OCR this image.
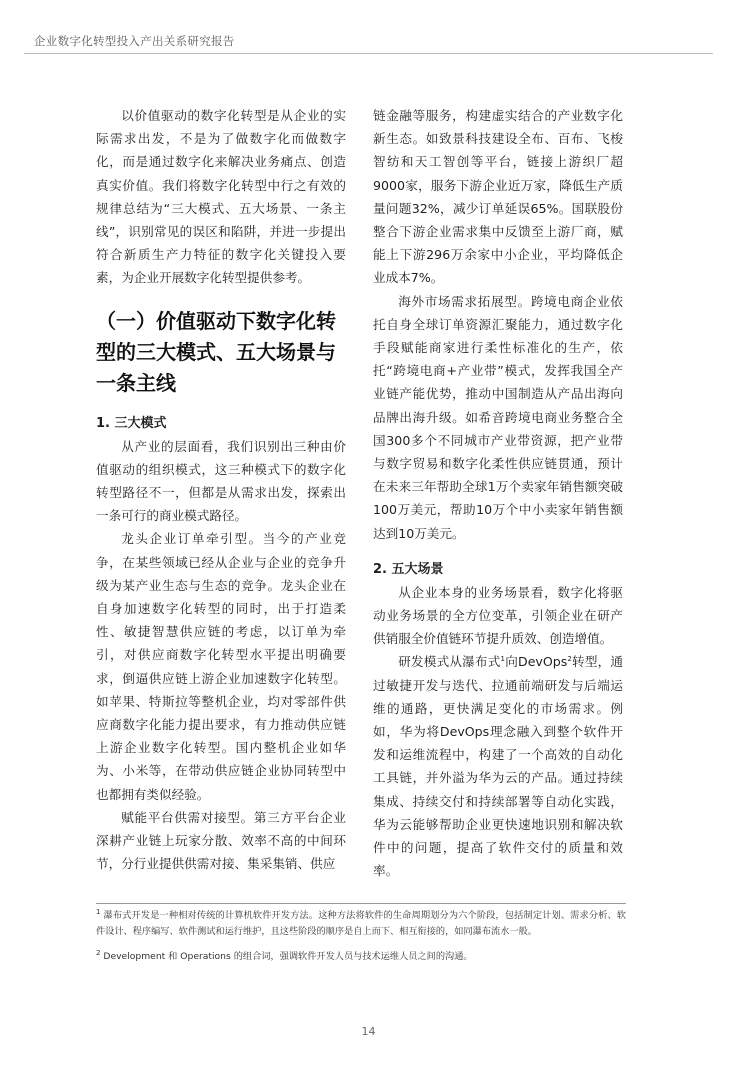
企业数字化转型投入产出关系研究报告

以价值驱动的数字化转型是从企业的实际需求出发，不是为了做数字化而做数字化，而是通过数字化来解决业务痛点、创造真实价值。我们将数字化转型中行之有效的规律总结为“三大模式、五大场景、一条主线”，识别常见的误区和陷阱，并进一步提出符合新质生产力特征的数字化关键投入要素，为企业开展数字化转型提供参考。

（一）价值驱动下数字化转型的三大模式、五大场景与一条主线
1. 三大模式

从产业的层面看，我们识别出三种由价值驱动的组织模式，这三种模式下的数字化转型路径不一，但都是从需求出发，探索出一条可行的商业模式路径。

龙头企业订单牵引型。当今的产业竞争，在某些领域已经从企业与企业的竞争升级为某产业生态与生态的竞争。龙头企业在自身加速数字化转型的同时，出于打造柔性、敏捷智慧供应链的考虑，以订单为牵引，对供应商数字化转型水平提出明确要求，倒逼供应链上游企业加速数字化转型。如苹果、特斯拉等整机企业，均对零部件供应商数字化能力提出要求，有力推动供应链上游企业数字化转型。国内整机企业如华为、小米等，在带动供应链企业协同转型中也都拥有类似经验。

赋能平台供需对接型。第三方平台企业深耕产业链上玩家分散、效率不高的中间环节，分行业提供供需对接、集采集销、供应

链金融等服务，构建虚实结合的产业数字化新生态。如致景科技建设全布、百布、飞梭智纺和天工智创等平台，链接上游织厂超9000家，服务下游企业近万家，降低生产质量问题32%，减少订单延误65%。国联股份整合下游企业需求集中反馈至上游厂商，赋能上下游296万余家中小企业，平均降低企业成本7%。

海外市场需求拓展型。跨境电商企业依托自身全球订单资源汇聚能力，通过数字化手段赋能商家进行柔性标准化的生产，依托“跨境电商+产业带”模式，发挥我国全产业链产能优势，推动中国制造从产品出海向品牌出海升级。如希音跨境电商业务整合全国300多个不同城市产业带资源，把产业带与数字贸易和数字化柔性供应链贯通，预计在未来三年帮助全球1万个卖家年销售额突破100万美元，帮助10万个中小卖家年销售额达到10万美元。

2. 五大场景

从企业本身的业务场景看，数字化将驱动业务场景的全方位变革，引领企业在研产供销服全价值链环节提升质效、创造增值。

研发模式从瀑布式$^1$向DevOps$^2$转型，通过敏捷开发与迭代、拉通前端研发与后端运维的通路，更快满足变化的市场需求。例如，华为将DevOps理念融入到整个软件开发和运维流程中，构建了一个高效的自动化工具链，并外溢为华为云的产品。通过持续集成、持续交付和持续部署等自动化实践，华为云能够帮助企业更快速地识别和解决软件中的问题，提高了软件交付的质量和效率。

$^1$ 瀑布式开发是一种相对传统的计算机软件开发方法。这种方法将软件的生命周期划分为六个阶段，包括制定计划、需求分析、软件设计、程序编写、软件测试和运行维护，且这些阶段的顺序是自上而下、相互衔接的，如同瀑布流水一般。

$^2$ Development 和 Operations 的组合词，强调软件开发人员与技术运维人员之间的沟通。

14
